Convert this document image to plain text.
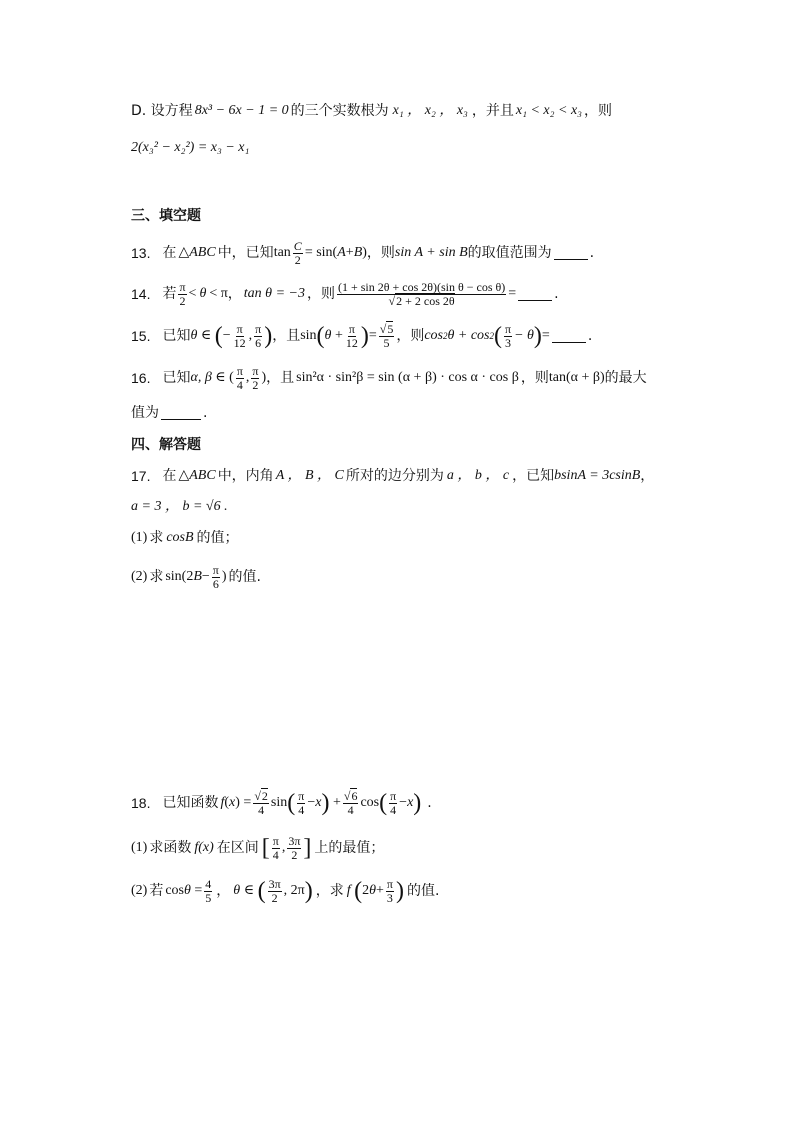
D. 设方程 8x³ − 6x − 1 = 0 的三个实数根为 x₁ ， x₂ ， x₃ ，并且 x₁ < x₂ < x₃ ，则
2(x₃² − x₂²) = x₃ − x₁
三、填空题
13. 在 △ABC 中，已知 $\tan \frac{C}{2} = \sin$( A + B ) ，则 sin A + sin B 的取值范围为	.
14. 若 $\frac{\pi}{2} < \theta < \pi$ ， tan θ = −3 ，则 $\frac{\text{(1 + sin 2θ + cos 2θ)(sin θ − cos θ)}}{√2 + 2 \cos 2\theta}$ =	.
15. 已知 θ ∈ ( − $\frac{\pi}{12}$ , $\frac{\pi}{6}$ ) ，且 sin ( $\theta + \frac{\pi}{12}$ ) = $\frac{√5}{5}$ ，则 cos 2 θ + cos 2 ( $\frac{\pi}{3} - \theta$ ) =	.
16. 已知 α, β ∈ ( $\frac{\pi}{4}$ , $\frac{\pi}{2}$ ) ，且 sin²α · sin²β = sin (α + β) · cos α · cos β ，则 tan(α + β) 的最大
值为	.
四、解答题
17. 在 △ABC 中，内角 A ， B ， C 所对的边分别为 a ， b ， c ，已知 bsinA = 3csinB ，
a = 3 ， b = √6 .
(1) 求 cosB 的值；
(2) 求 sin(2 $B - \frac{\pi}{6}$ ) 的值.
18. 已知函数 f ( x ) = $\frac{√2}{4}$ sin ( $\frac{\pi}{4} - x$ ) + $\frac{√6}{4}$ cos ( $\frac{\pi}{4} - x$ ) .
(1) 求函数 f(x) 在区间 [ $\frac{\pi}{4}$ , $\frac{3\pi}{2}$ ] 上的最值；
(2) 若 $\cos \theta = \frac{4}{5}$ ， θ ∈ ( $\frac{3\pi}{2}$ , 2π ) ，求 f
( 2 $\theta + \frac{\pi}{3}$ ) 的值.
